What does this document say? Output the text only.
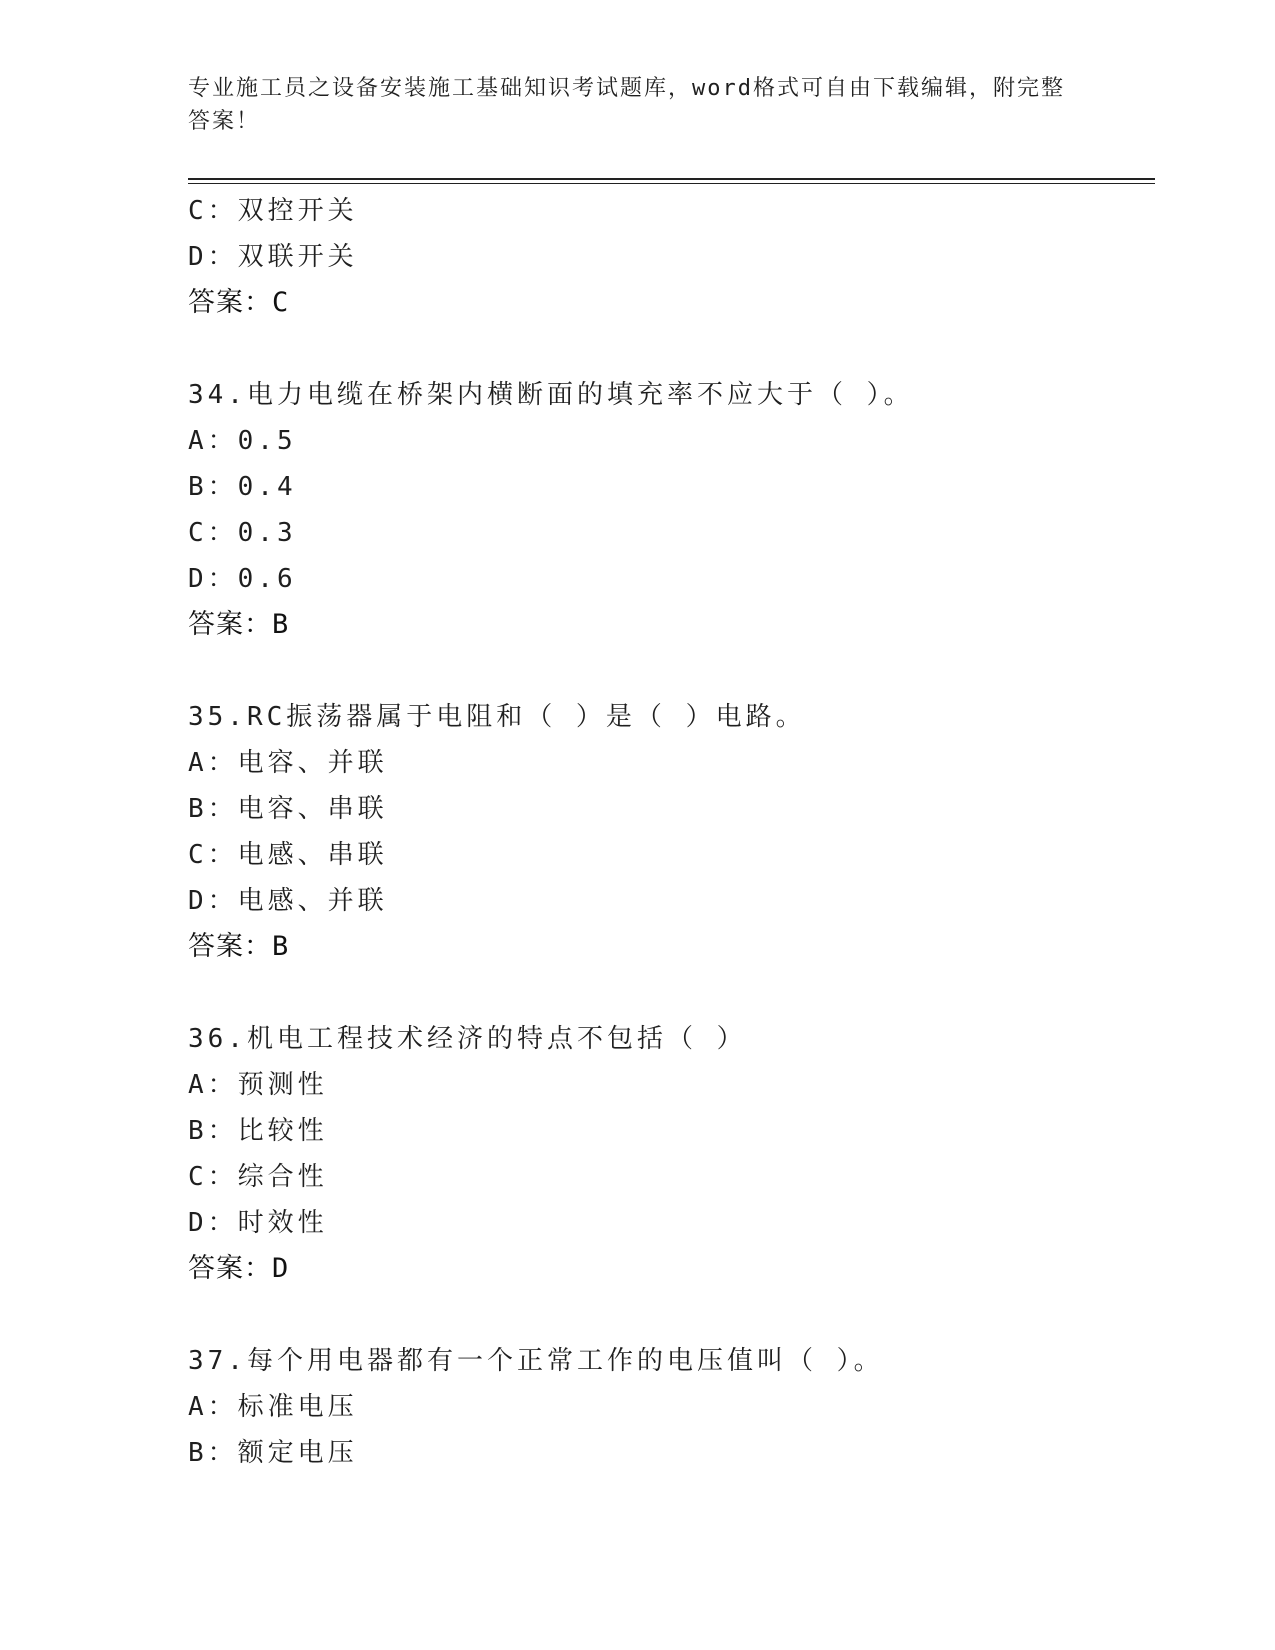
专业施工员之设备安装施工基础知识考试题库，word格式可自由下载编辑，附完整答案！
C：双控开关
D：双联开关
答案：C
34.电力电缆在桥架内横断面的填充率不应大于（ ）。
A：0.5
B：0.4
C：0.3
D：0.6
答案：B
35.RC振荡器属于电阻和（ ）是（ ）电路。
A：电容、并联
B：电容、串联
C：电感、串联
D：电感、并联
答案：B
36.机电工程技术经济的特点不包括（ ）
A：预测性
B：比较性
C：综合性
D：时效性
答案：D
37.每个用电器都有一个正常工作的电压值叫（ ）。
A：标准电压
B：额定电压
